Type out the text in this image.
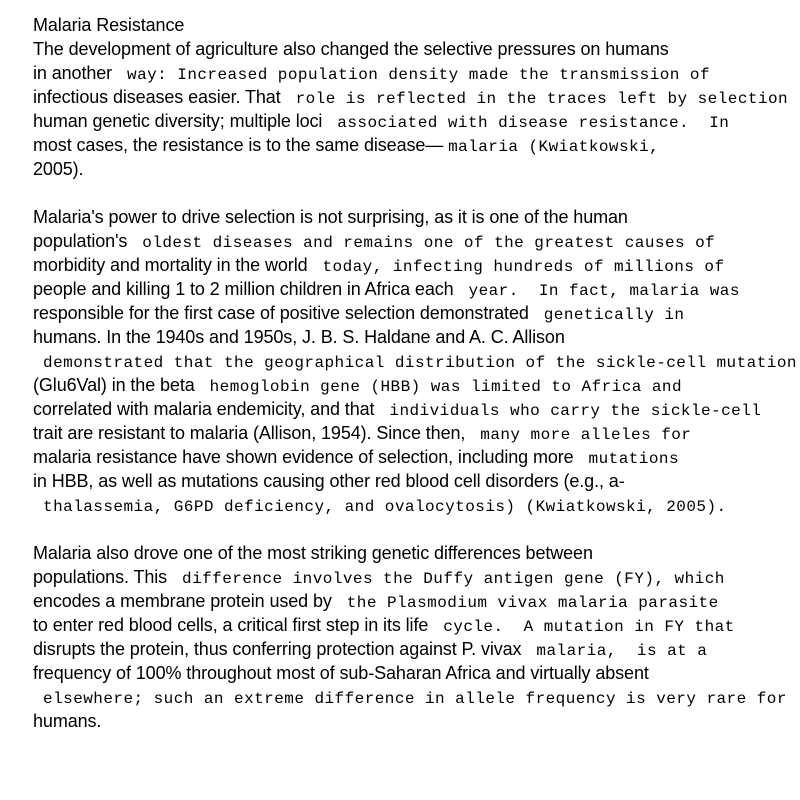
Malaria Resistance
The development of agriculture also changed the selective pressures on humans
in another  way: Increased population density made the transmission of
infectious diseases easier. That  role is reflected in the traces left by selection
human genetic diversity; multiple loci  associated with disease resistance.  In
most cases, the resistance is to the same disease— malaria (Kwiatkowski,
2005).
Malaria's power to drive selection is not surprising, as it is one of the human
population's  oldest diseases and remains one of the greatest causes of
morbidity and mortality in the world  today, infecting hundreds of millions of
people and killing 1 to 2 million children in Africa each  year.  In fact, malaria was
responsible for the first case of positive selection demonstrated  genetically in
humans. In the 1940s and 1950s, J. B. S. Haldane and A. C. Allison
demonstrated that the geographical distribution of the sickle-cell mutation
(Glu6Val) in the beta  hemoglobin gene (HBB) was limited to Africa and
correlated with malaria endemicity, and that  individuals who carry the sickle-cell
trait are resistant to malaria (Allison, 1954). Since then,  many more alleles for
malaria resistance have shown evidence of selection, including more  mutations
in HBB, as well as mutations causing other red blood cell disorders (e.g., a-
thalassemia, G6PD deficiency, and ovalocytosis) (Kwiatkowski, 2005).
Malaria also drove one of the most striking genetic differences between
populations. This  difference involves the Duffy antigen gene (FY), which
encodes a membrane protein used by  the Plasmodium vivax malaria parasite
to enter red blood cells, a critical first step in its life  cycle.  A mutation in FY that
disrupts the protein, thus conferring protection against P. vivax  malaria,  is at a
frequency of 100% throughout most of sub-Saharan Africa and virtually absent
elsewhere; such an extreme difference in allele frequency is very rare for
humans.
